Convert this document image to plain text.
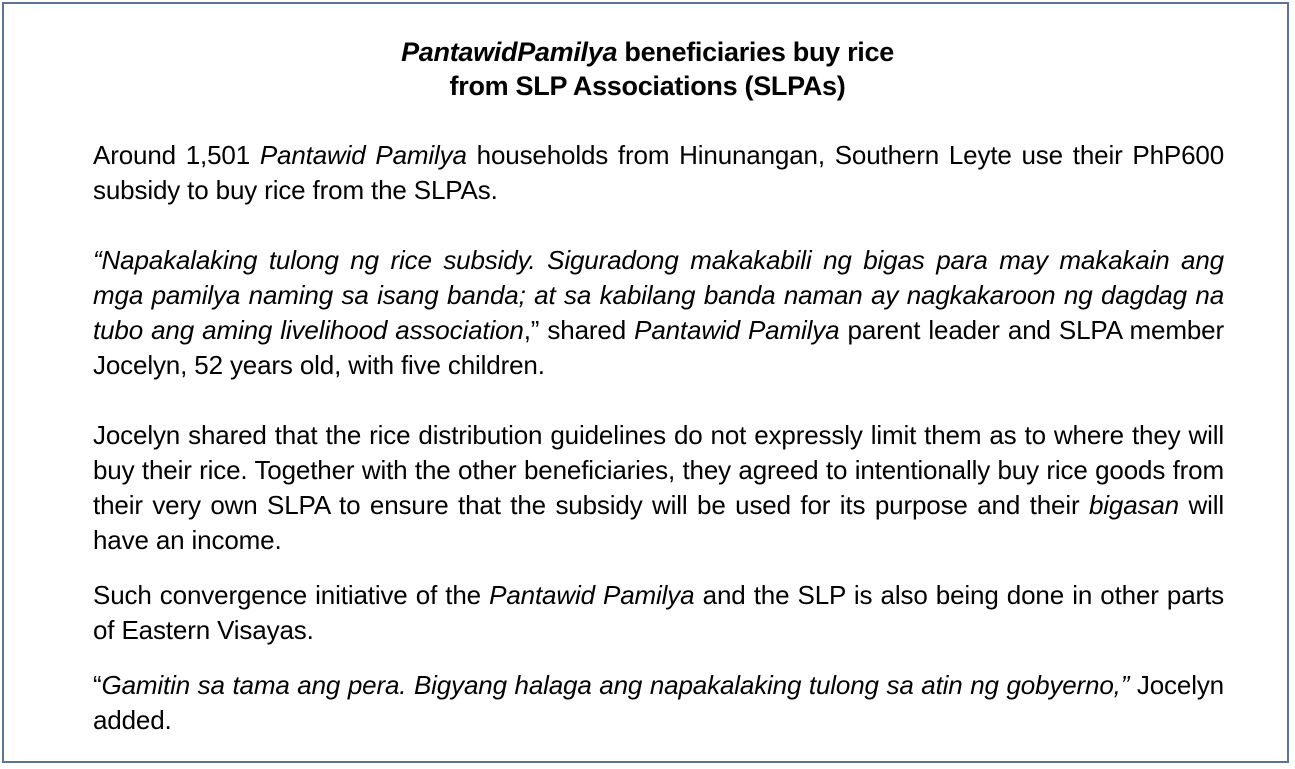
PantawidPamilya beneficiaries buy rice
from SLP Associations (SLPAs)

Around 1,501 Pantawid Pamilya households from Hinunangan, Southern Leyte use their PhP600 subsidy to buy rice from the SLPAs.

“Napakalaking tulong ng rice subsidy. Siguradong makakabili ng bigas para may makakain ang mga pamilya naming sa isang banda; at sa kabilang banda naman ay nagkakaroon ng dagdag na tubo ang aming livelihood association,” shared Pantawid Pamilya parent leader and SLPA member Jocelyn, 52 years old, with five children.

Jocelyn shared that the rice distribution guidelines do not expressly limit them as to where they will buy their rice. Together with the other beneficiaries, they agreed to intentionally buy rice goods from their very own SLPA to ensure that the subsidy will be used for its purpose and their bigasan will have an income.

Such convergence initiative of the Pantawid Pamilya and the SLP is also being done in other parts of Eastern Visayas.

“Gamitin sa tama ang pera. Bigyang halaga ang napakalaking tulong sa atin ng gobyerno,” Jocelyn added.
